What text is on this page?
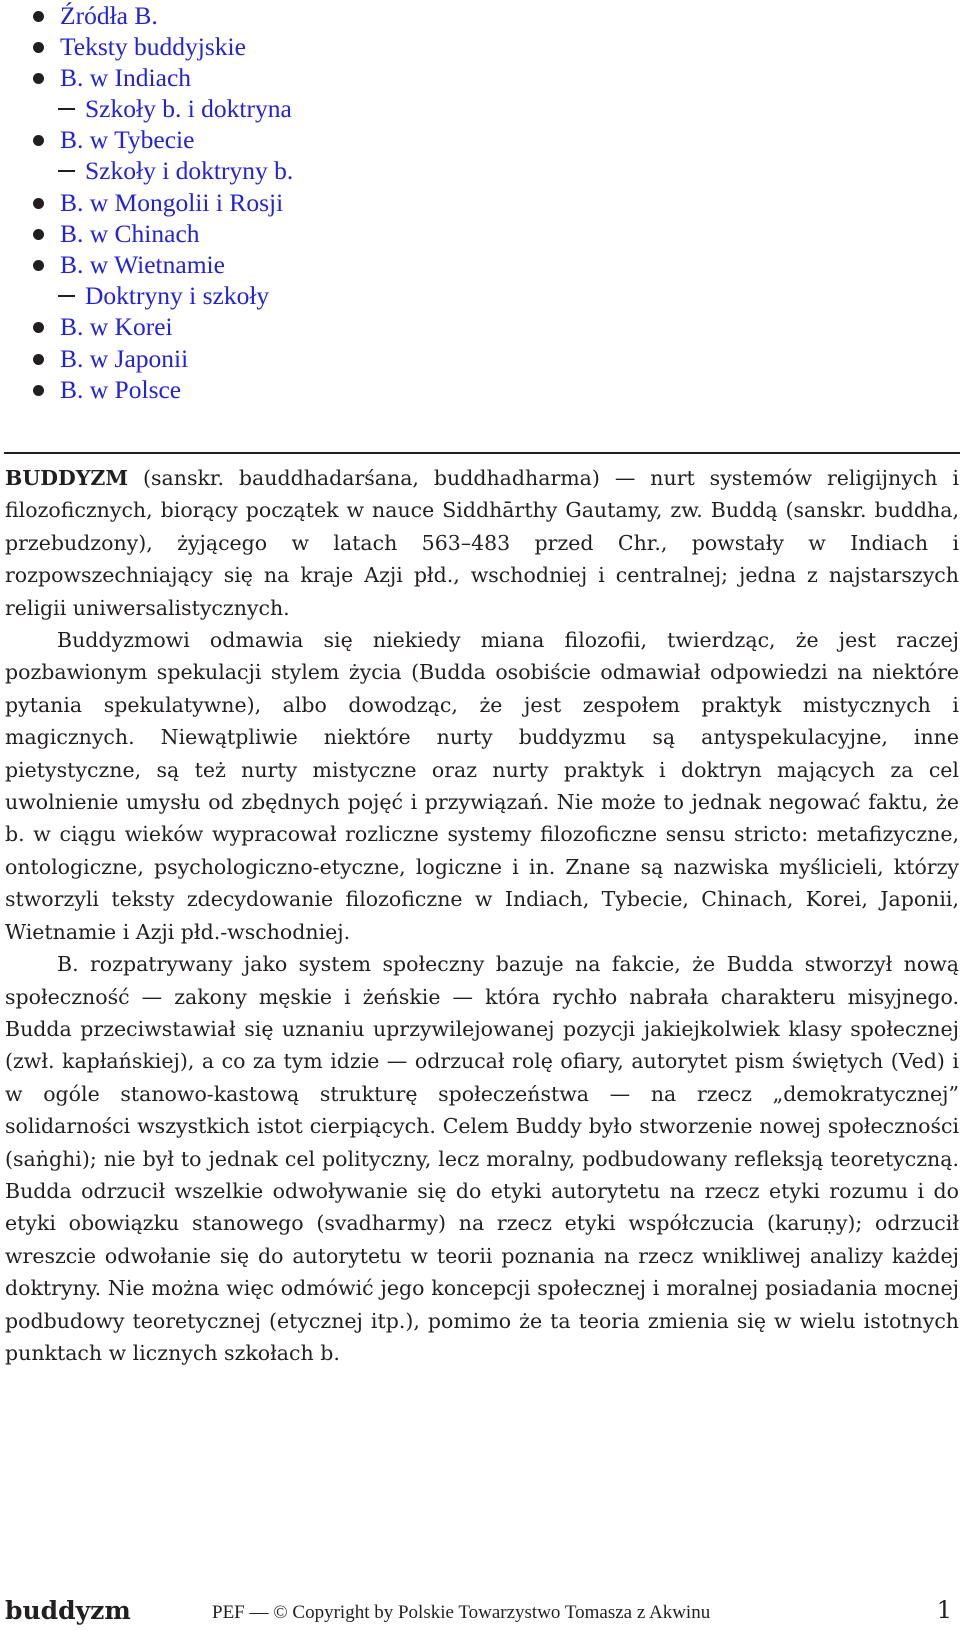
Źródła B.
Teksty buddyjskie
B. w Indiach
Szkoły b. i doktryna
B. w Tybecie
Szkoły i doktryny b.
B. w Mongolii i Rosji
B. w Chinach
B. w Wietnamie
Doktryny i szkoły
B. w Korei
B. w Japonii
B. w Polsce

BUDDYZM (sanskr. bauddhadarśana, buddhadharma) — nurt systemów religijnych i filozoficznych, biorący początek w nauce Siddhārthy Gautamy, zw. Buddą (sanskr. buddha, przebudzony), żyjącego w latach 563–483 przed Chr., powstały w Indiach i rozpowszechniający się na kraje Azji płd., wschodniej i centralnej; jedna z najstarszych religii uniwersalistycznych.

Buddyzmowi odmawia się niekiedy miana filozofii, twierdząc, że jest raczej pozbawionym spekulacji stylem życia (Budda osobiście odmawiał odpowiedzi na niektóre pytania spekulatywne), albo dowodząc, że jest zespołem praktyk mistycznych i magicznych. Niewątpliwie niektóre nurty buddyzmu są antyspekulacyjne, inne pietystyczne, są też nurty mistyczne oraz nurty praktyk i doktryn mających za cel uwolnienie umysłu od zbędnych pojęć i przywiązań. Nie może to jednak negować faktu, że b. w ciągu wieków wypracował rozliczne systemy filozoficzne sensu stricto: metafizyczne, ontologiczne, psychologiczno-etyczne, logiczne i in. Znane są nazwiska myślicieli, którzy stworzyli teksty zdecydowanie filozoficzne w Indiach, Tybecie, Chinach, Korei, Japonii, Wietnamie i Azji płd.-wschodniej.

B. rozpatrywany jako system społeczny bazuje na fakcie, że Budda stworzył nową społeczność — zakony męskie i żeńskie — która rychło nabrała charakteru misyjnego. Budda przeciwstawiał się uznaniu uprzywilejowanej pozycji jakiejkolwiek klasy społecznej (zwł. kapłańskiej), a co za tym idzie — odrzucał rolę ofiary, autorytet pism świętych (Ved) i w ogóle stanowo-kastową strukturę społeczeństwa — na rzecz „demokratycznej” solidarności wszystkich istot cierpiących. Celem Buddy było stworzenie nowej społeczności (saṅghi); nie był to jednak cel polityczny, lecz moralny, podbudowany refleksją teoretyczną. Budda odrzucił wszelkie odwoływanie się do etyki autorytetu na rzecz etyki rozumu i do etyki obowiązku stanowego (svadharmy) na rzecz etyki współczucia (karuṇy); odrzucił wreszcie odwołanie się do autorytetu w teorii poznania na rzecz wnikliwej analizy każdej doktryny. Nie można więc odmówić jego koncepcji społecznej i moralnej posiadania mocnej podbudowy teoretycznej (etycznej itp.), pomimo że ta teoria zmienia się w wielu istotnych punktach w licznych szkołach b.

buddyzm	PEF — © Copyright by Polskie Towarzystwo Tomasza z Akwinu	1
